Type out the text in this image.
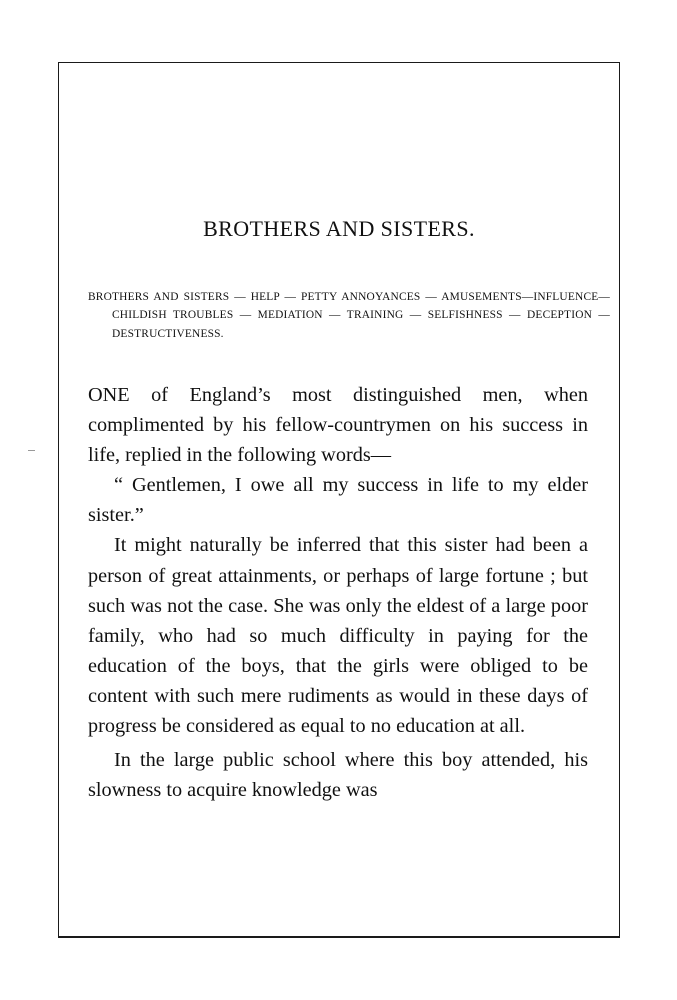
BROTHERS AND SISTERS.

BROTHERS AND SISTERS — HELP — PETTY ANNOYANCES — AMUSEMENTS—INFLUENCE—CHILDISH TROUBLES — MEDIATION — TRAINING — SELFISHNESS — DECEPTION — DESTRUCTIVENESS.

ONE of England’s most distinguished men, when complimented by his fellow-countrymen on his success in life, replied in the following words—

“ Gentlemen, I owe all my success in life to my elder sister.”

It might naturally be inferred that this sister had been a person of great attainments, or perhaps of large fortune ; but such was not the case. She was only the eldest of a large poor family, who had so much difficulty in paying for the education of the boys, that the girls were obliged to be content with such mere rudiments as would in these days of progress be considered as equal to no education at all.

In the large public school where this boy attended, his slowness to acquire knowledge was
